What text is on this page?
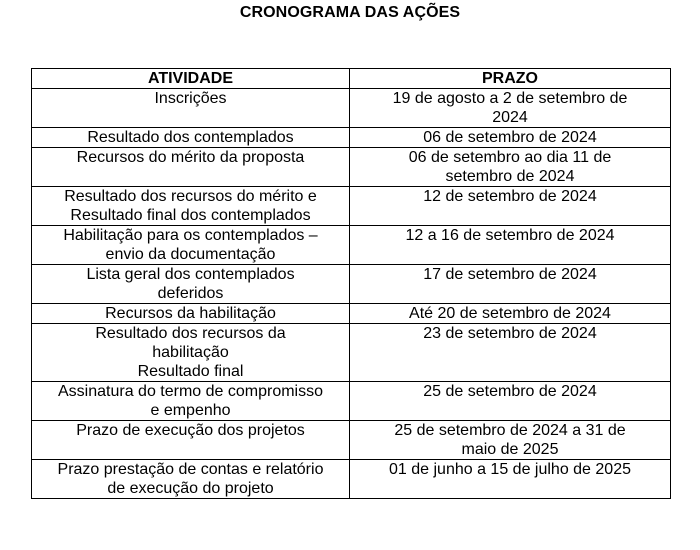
CRONOGRAMA DAS AÇÕES
ATIVIDADE	PRAZO

Inscrições	19 de agosto a 2 de setembro de
2024

Resultado dos contemplados	06 de setembro de 2024

Recursos do mérito da proposta	06 de setembro ao dia 11 de
setembro de 2024

Resultado dos recursos do mérito e
Resultado final dos contemplados	12 de setembro de 2024

Habilitação para os contemplados –
envio da documentação	12 a 16 de setembro de 2024

Lista geral dos contemplados
deferidos	17 de setembro de 2024

Recursos da habilitação	Até 20 de setembro de 2024

Resultado dos recursos da
habilitação
Resultado final	23 de setembro de 2024

Assinatura do termo de compromisso
e empenho	25 de setembro de 2024

Prazo de execução dos projetos	25 de setembro de 2024 a 31 de
maio de 2025

Prazo prestação de contas e relatório
de execução do projeto	01 de junho a 15 de julho de 2025
